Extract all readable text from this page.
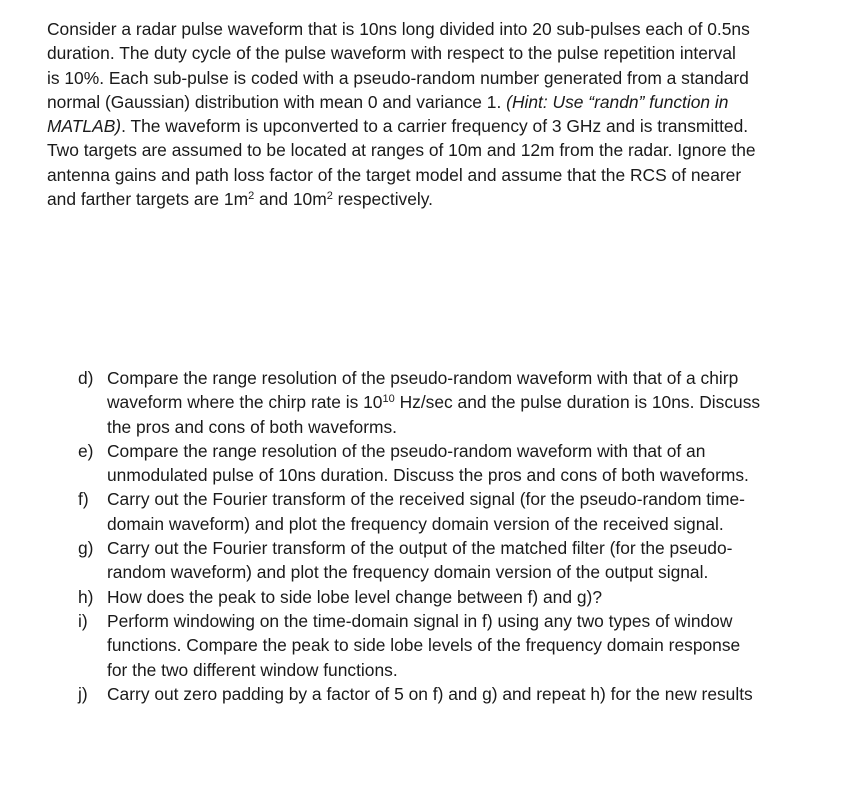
Consider a radar pulse waveform that is 10ns long divided into 20 sub-pulses each of 0.5ns
duration. The duty cycle of the pulse waveform with respect to the pulse repetition interval
is 10%. Each sub-pulse is coded with a pseudo-random number generated from a standard
normal (Gaussian) distribution with mean 0 and variance 1. (Hint: Use “randn” function in
MATLAB). The waveform is upconverted to a carrier frequency of 3 GHz and is transmitted.
Two targets are assumed to be located at ranges of 10m and 12m from the radar. Ignore the
antenna gains and path loss factor of the target model and assume that the RCS of nearer
and farther targets are $1m^2$ and $10m^2$ respectively.
d) Compare the range resolution of the pseudo-random waveform with that of a chirp
waveform where the chirp rate is $10^{10}$ Hz/sec and the pulse duration is 10ns. Discuss
the pros and cons of both waveforms.
e) Compare the range resolution of the pseudo-random waveform with that of an
unmodulated pulse of 10ns duration. Discuss the pros and cons of both waveforms.
f) Carry out the Fourier transform of the received signal (for the pseudo-random time-
domain waveform) and plot the frequency domain version of the received signal.
g) Carry out the Fourier transform of the output of the matched filter (for the pseudo-
random waveform) and plot the frequency domain version of the output signal.
h) How does the peak to side lobe level change between f) and g)?
i) Perform windowing on the time-domain signal in f) using any two types of window
functions. Compare the peak to side lobe levels of the frequency domain response
for the two different window functions.
j) Carry out zero padding by a factor of 5 on f) and g) and repeat h) for the new results
